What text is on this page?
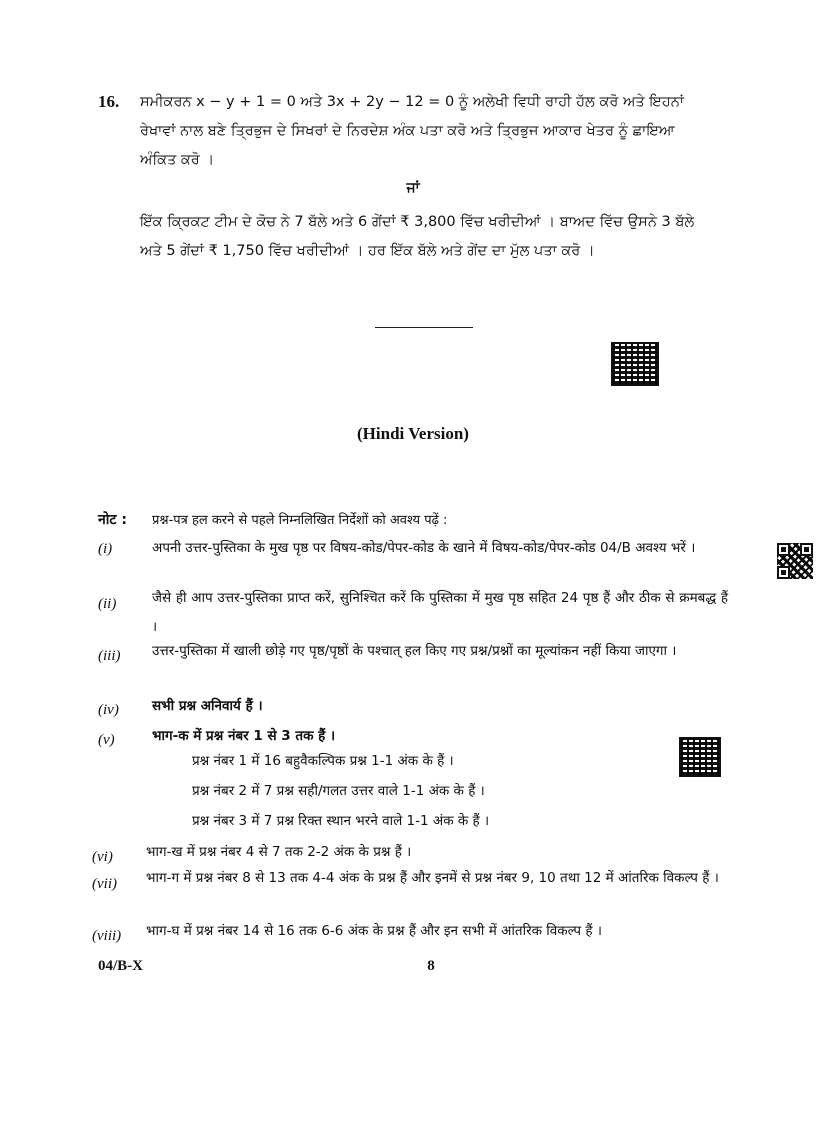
16. ਸਮੀਕਰਨ x − y + 1 = 0 ਅਤੇ 3x + 2y − 12 = 0 ਨੂੰ ਅਲੇਖੀ ਵਿਧੀ ਰਾਹੀ ਹੱਲ ਕਰੋ ਅਤੇ ਇਹਨਾਂ
ਰੇਖਾਵਾਂ ਨਾਲ ਬਣੇ ਤ੍ਰਿਭੁਜ ਦੇ ਸਿਖਰਾਂ ਦੇ ਨਿਰਦੇਸ਼ ਅੰਕ ਪਤਾ ਕਰੋ ਅਤੇ ਤ੍ਰਿਭੁਜ ਆਕਾਰ ਖੇਤਰ ਨੂੰ ਛਾਇਆ
ਅੰਕਿਤ ਕਰੋ ।
ਜਾਂ
ਇੱਕ ਕ੍ਰਿਕਟ ਟੀਮ ਦੇ ਕੋਚ ਨੇ 7 ਬੱਲੇ ਅਤੇ 6 ਗੇਂਦਾਂ ₹ 3,800 ਵਿੱਚ ਖਰੀਦੀਆਂ । ਬਾਅਦ ਵਿੱਚ ਉਸਨੇ 3 ਬੱਲੇ
ਅਤੇ 5 ਗੇਂਦਾਂ ₹ 1,750 ਵਿੱਚ ਖਰੀਦੀਆਂ । ਹਰ ਇੱਕ ਬੱਲੇ ਅਤੇ ਗੇਂਦ ਦਾ ਮੁੱਲ ਪਤਾ ਕਰੋ ।
(Hindi Version)
नोट : प्रश्न-पत्र हल करने से पहले निम्नलिखित निर्देशों को अवश्य पढ़ें :
(i)	अपनी उत्तर-पुस्तिका के मुख पृष्ठ पर विषय-कोड/पेपर-कोड के खाने में विषय-कोड/पेपर-कोड 04/B अवश्य भरें ।
(ii)	जैसे ही आप उत्तर-पुस्तिका प्राप्त करें, सुनिश्चित करें कि पुस्तिका में मुख पृष्ठ सहित 24 पृष्ठ हैं और ठीक से क्रमबद्ध हैं ।
(iii) उत्तर-पुस्तिका में खाली छोड़े गए पृष्ठ/पृष्ठों के पश्चात् हल किए गए प्रश्न/प्रश्नों का मूल्यांकन नहीं किया जाएगा ।
(iv) सभी प्रश्न अनिवार्य हैं ।
(v)	भाग-क में प्रश्न नंबर 1 से 3 तक हैं ।
प्रश्न नंबर 1 में 16 बहुवैकल्पिक प्रश्न 1-1 अंक के हैं ।
प्रश्न नंबर 2 में 7 प्रश्न सही/गलत उत्तर वाले 1-1 अंक के हैं ।
प्रश्न नंबर 3 में 7 प्रश्न रिक्त स्थान भरने वाले 1-1 अंक के हैं ।
(vi) भाग-ख में प्रश्न नंबर 4 से 7 तक 2-2 अंक के प्रश्न हैं ।
(vii) भाग-ग में प्रश्न नंबर 8 से 13 तक 4-4 अंक के प्रश्न हैं और इनमें से प्रश्न नंबर 9, 10 तथा 12 में आंतरिक विकल्प हैं ।
(viii) भाग-घ में प्रश्न नंबर 14 से 16 तक 6-6 अंक के प्रश्न हैं और इन सभी में आंतरिक विकल्प हैं ।
04/B-X	8
